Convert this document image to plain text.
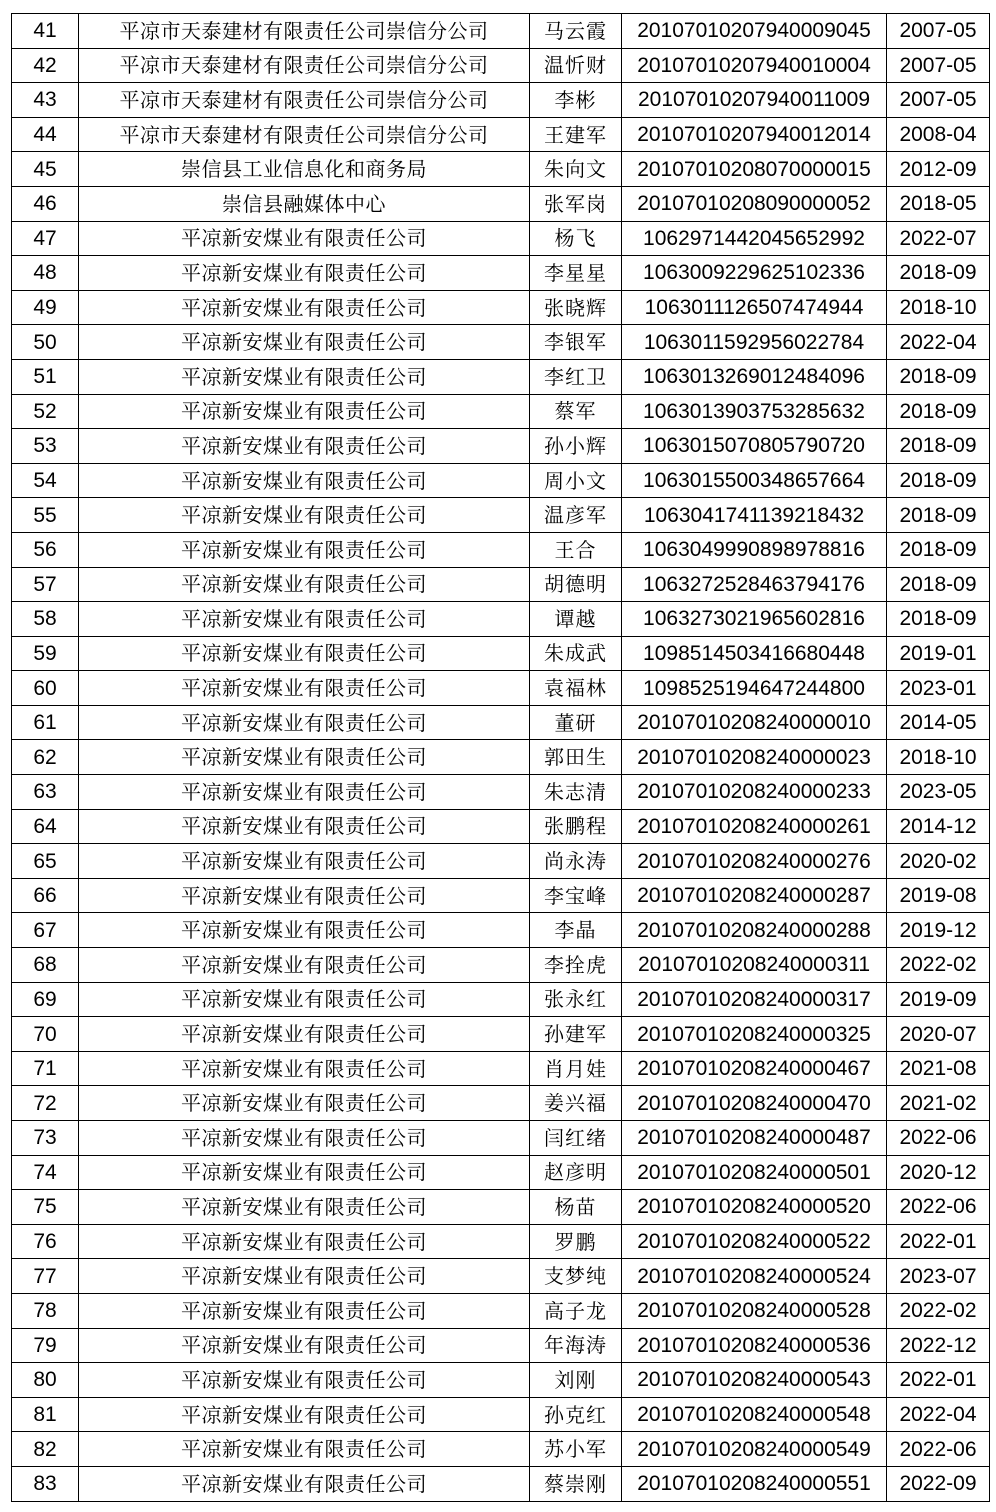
41	平凉市天泰建材有限责任公司崇信分公司	马云霞	20107010207940009045	2007-05
42	平凉市天泰建材有限责任公司崇信分公司	温忻财	20107010207940010004	2007-05
43	平凉市天泰建材有限责任公司崇信分公司	李彬	20107010207940011009	2007-05
44	平凉市天泰建材有限责任公司崇信分公司	王建军	20107010207940012014	2008-04
45	崇信县工业信息化和商务局	朱向文	20107010208070000015	2012-09
46	崇信县融媒体中心	张军岗	20107010208090000052	2018-05
47	平凉新安煤业有限责任公司	杨飞	1062971442045652992	2022-07
48	平凉新安煤业有限责任公司	李星星	1063009229625102336	2018-09
49	平凉新安煤业有限责任公司	张晓辉	1063011126507474944	2018-10
50	平凉新安煤业有限责任公司	李银军	1063011592956022784	2022-04
51	平凉新安煤业有限责任公司	李红卫	1063013269012484096	2018-09
52	平凉新安煤业有限责任公司	蔡军	1063013903753285632	2018-09
53	平凉新安煤业有限责任公司	孙小辉	1063015070805790720	2018-09
54	平凉新安煤业有限责任公司	周小文	1063015500348657664	2018-09
55	平凉新安煤业有限责任公司	温彦军	1063041741139218432	2018-09
56	平凉新安煤业有限责任公司	王合	1063049990898978816	2018-09
57	平凉新安煤业有限责任公司	胡德明	1063272528463794176	2018-09
58	平凉新安煤业有限责任公司	谭越	1063273021965602816	2018-09
59	平凉新安煤业有限责任公司	朱成武	1098514503416680448	2019-01
60	平凉新安煤业有限责任公司	袁福林	1098525194647244800	2023-01
61	平凉新安煤业有限责任公司	董研	20107010208240000010	2014-05
62	平凉新安煤业有限责任公司	郭田生	20107010208240000023	2018-10
63	平凉新安煤业有限责任公司	朱志清	20107010208240000233	2023-05
64	平凉新安煤业有限责任公司	张鹏程	20107010208240000261	2014-12
65	平凉新安煤业有限责任公司	尚永涛	20107010208240000276	2020-02
66	平凉新安煤业有限责任公司	李宝峰	20107010208240000287	2019-08
67	平凉新安煤业有限责任公司	李晶	20107010208240000288	2019-12
68	平凉新安煤业有限责任公司	李拴虎	20107010208240000311	2022-02
69	平凉新安煤业有限责任公司	张永红	20107010208240000317	2019-09
70	平凉新安煤业有限责任公司	孙建军	20107010208240000325	2020-07
71	平凉新安煤业有限责任公司	肖月娃	20107010208240000467	2021-08
72	平凉新安煤业有限责任公司	姜兴福	20107010208240000470	2021-02
73	平凉新安煤业有限责任公司	闫红绪	20107010208240000487	2022-06
74	平凉新安煤业有限责任公司	赵彦明	20107010208240000501	2020-12
75	平凉新安煤业有限责任公司	杨苗	20107010208240000520	2022-06
76	平凉新安煤业有限责任公司	罗鹏	20107010208240000522	2022-01
77	平凉新安煤业有限责任公司	支梦纯	20107010208240000524	2023-07
78	平凉新安煤业有限责任公司	高子龙	20107010208240000528	2022-02
79	平凉新安煤业有限责任公司	年海涛	20107010208240000536	2022-12
80	平凉新安煤业有限责任公司	刘刚	20107010208240000543	2022-01
81	平凉新安煤业有限责任公司	孙克红	20107010208240000548	2022-04
82	平凉新安煤业有限责任公司	苏小军	20107010208240000549	2022-06
83	平凉新安煤业有限责任公司	蔡崇刚	20107010208240000551	2022-09
